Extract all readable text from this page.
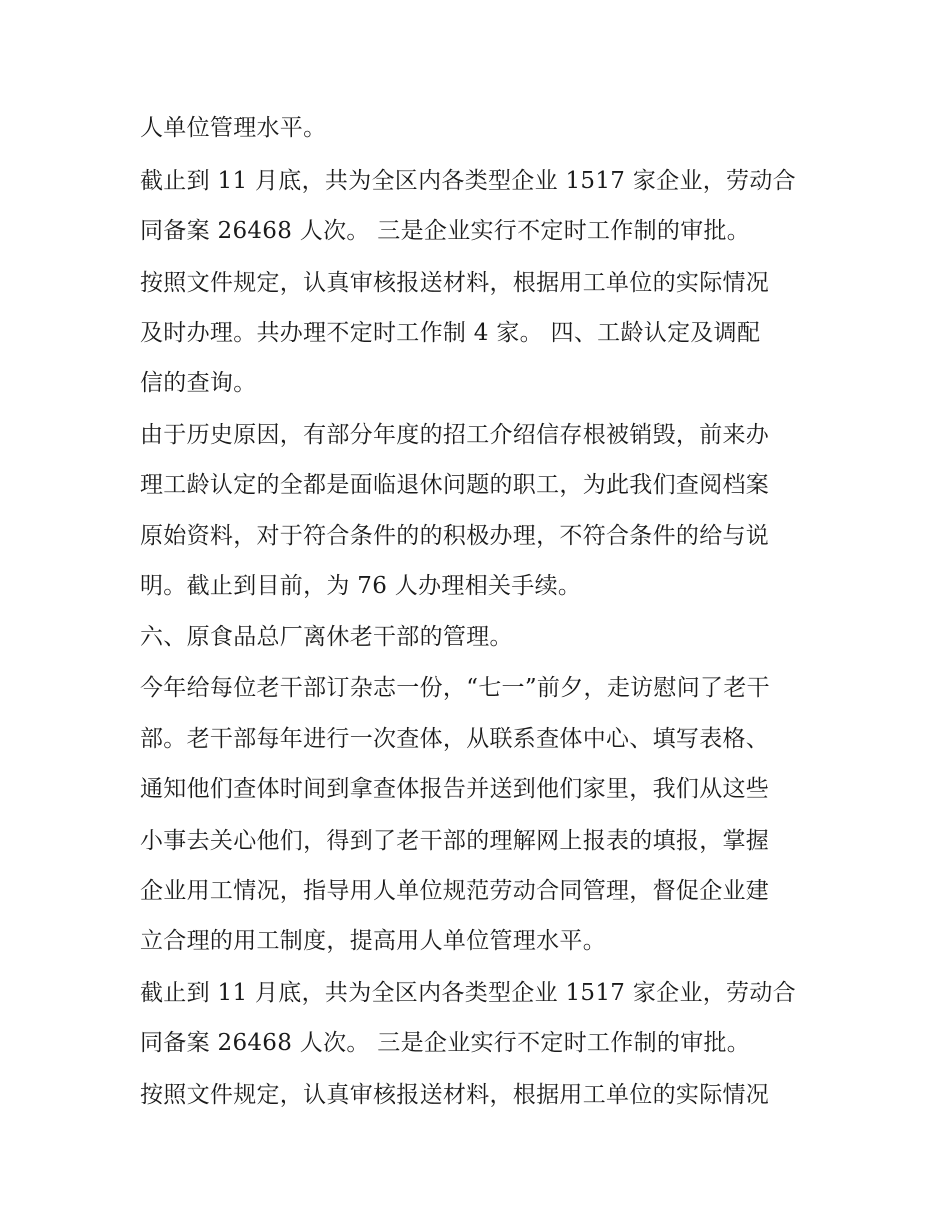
人单位管理水平。
截止到 11 月底，共为全区内各类型企业 1517 家企业，劳动合
同备案 26468 人次。 三是企业实行不定时工作制的审批。
按照文件规定，认真审核报送材料，根据用工单位的实际情况
及时办理。共办理不定时工作制 4 家。 四、工龄认定及调配
信的查询。
由于历史原因，有部分年度的招工介绍信存根被销毁，前来办
理工龄认定的全都是面临退休问题的职工，为此我们查阅档案
原始资料，对于符合条件的的积极办理，不符合条件的给与说
明。截止到目前，为 76 人办理相关手续。
六、原食品总厂离休老干部的管理。
今年给每位老干部订杂志一份，“七一”前夕，走访慰问了老干
部。老干部每年进行一次查体，从联系查体中心、填写表格、
通知他们查体时间到拿查体报告并送到他们家里，我们从这些
小事去关心他们，得到了老干部的理解网上报表的填报，掌握
企业用工情况，指导用人单位规范劳动合同管理，督促企业建
立合理的用工制度，提高用人单位管理水平。
截止到 11 月底，共为全区内各类型企业 1517 家企业，劳动合
同备案 26468 人次。 三是企业实行不定时工作制的审批。
按照文件规定，认真审核报送材料，根据用工单位的实际情况
